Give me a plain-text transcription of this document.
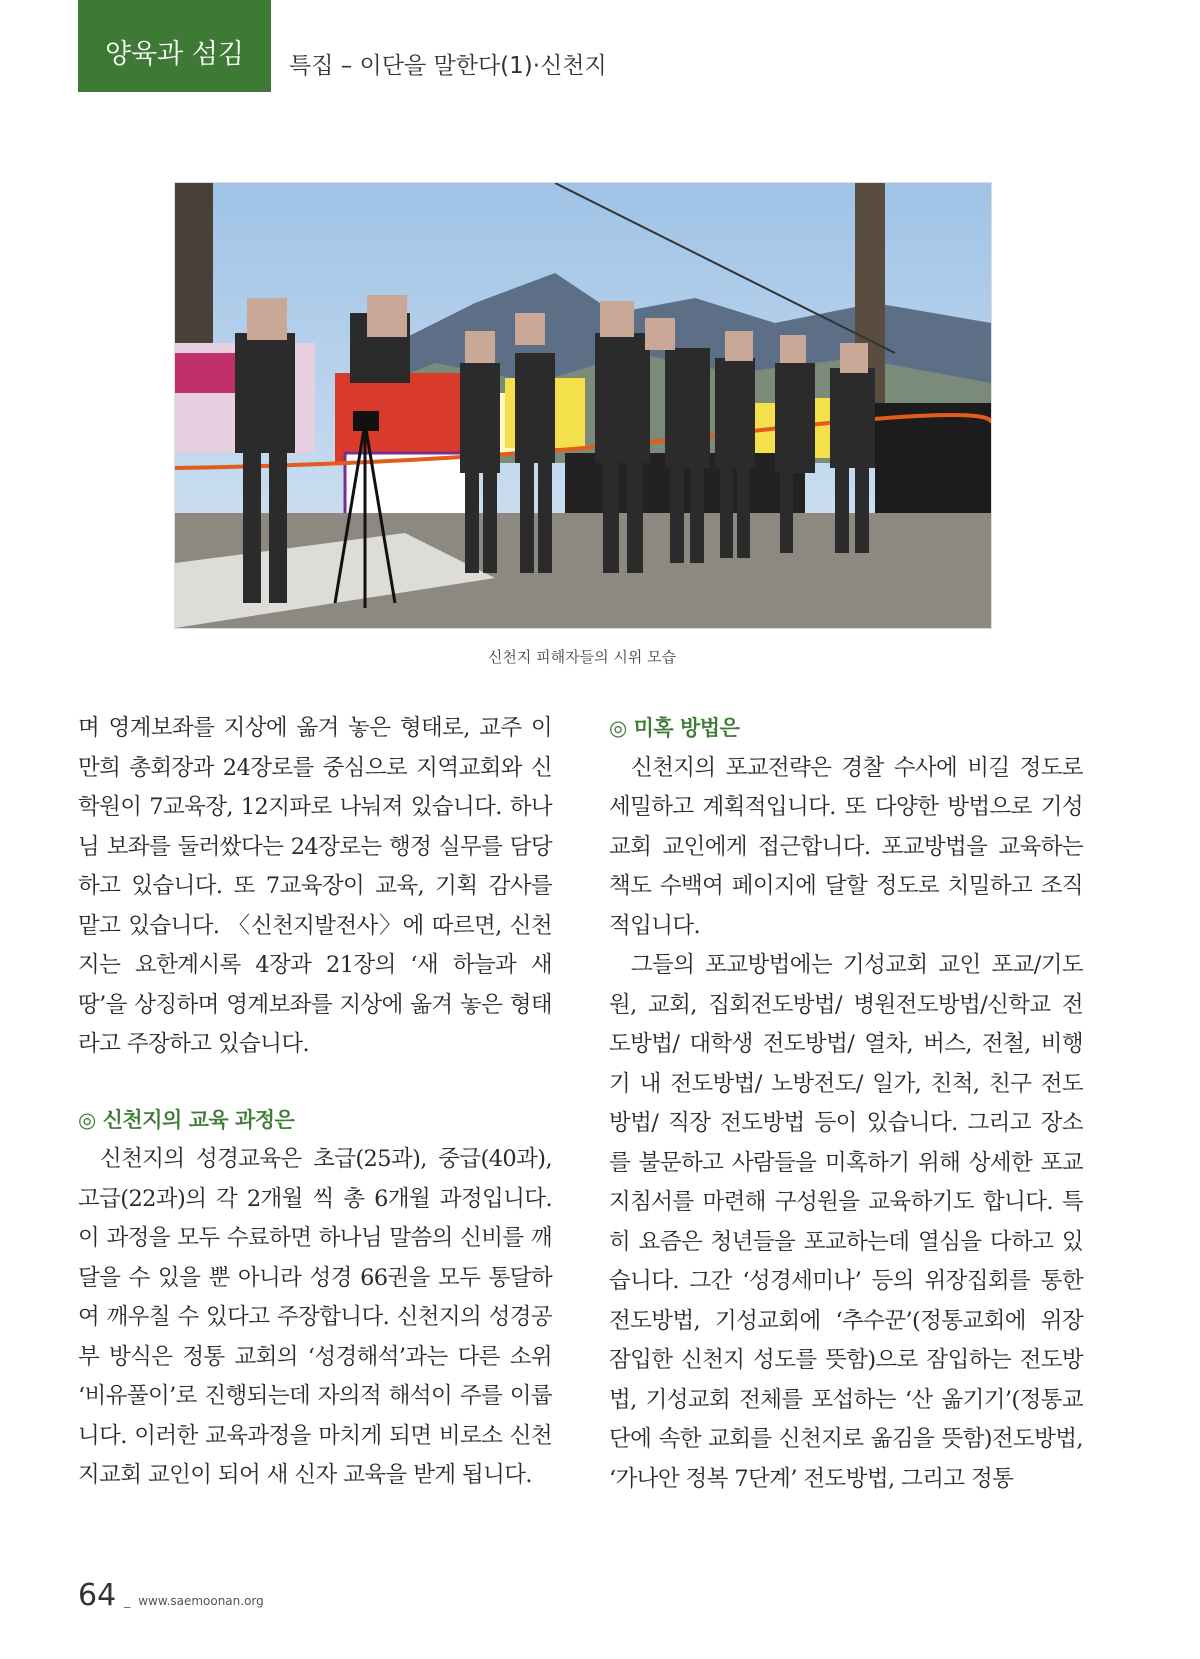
양육과 섬김 특집 – 이단을 말한다(1)·신천지
신천지 피해자들의 시위 모습

며 영계보좌를 지상에 옮겨 놓은 형태로, 교주 이만희 총회장과 24장로를 중심으로 지역교회와 신학원이 7교육장, 12지파로 나눠져 있습니다. 하나님 보좌를 둘러쌌다는 24장로는 행정 실무를 담당하고 있습니다. 또 7교육장이 교육, 기획 감사를 맡고 있습니다. 〈신천지발전사〉에 따르면, 신천지는 요한계시록 4장과 21장의 ‘새 하늘과 새 땅’을 상징하며 영계보좌를 지상에 옮겨 놓은 형태라고 주장하고 있습니다.

◎ 신천지의 교육 과정은

신천지의 성경교육은 초급(25과), 중급(40과), 고급(22과)의 각 2개월 씩 총 6개월 과정입니다. 이 과정을 모두 수료하면 하나님 말씀의 신비를 깨달을 수 있을 뿐 아니라 성경 66권을 모두 통달하여 깨우칠 수 있다고 주장합니다. 신천지의 성경공부 방식은 정통 교회의 ‘성경해석’과는 다른 소위 ‘비유풀이’로 진행되는데 자의적 해석이 주를 이룹니다. 이러한 교육과정을 마치게 되면 비로소 신천지교회 교인이 되어 새 신자 교육을 받게 됩니다.

◎ 미혹 방법은

신천지의 포교전략은 경찰 수사에 비길 정도로 세밀하고 계획적입니다. 또 다양한 방법으로 기성교회 교인에게 접근합니다. 포교방법을 교육하는 책도 수백여 페이지에 달할 정도로 치밀하고 조직적입니다.

그들의 포교방법에는 기성교회 교인 포교/기도원, 교회, 집회전도방법/ 병원전도방법/신학교 전도방법/ 대학생 전도방법/ 열차, 버스, 전철, 비행기 내 전도방법/ 노방전도/ 일가, 친척, 친구 전도방법/ 직장 전도방법 등이 있습니다. 그리고 장소를 불문하고 사람들을 미혹하기 위해 상세한 포교지침서를 마련해 구성원을 교육하기도 합니다. 특히 요즘은 청년들을 포교하는데 열심을 다하고 있습니다. 그간 ‘성경세미나’ 등의 위장집회를 통한 전도방법, 기성교회에 ‘추수꾼’(정통교회에 위장 잠입한 신천지 성도를 뜻함)으로 잠입하는 전도방법, 기성교회 전체를 포섭하는 ‘산 옮기기’(정통교단에 속한 교회를 신천지로 옮김을 뜻함)전도방법, ‘가나안 정복 7단계’ 전도방법, 그리고 정통

64 _ www.saemoonan.org
